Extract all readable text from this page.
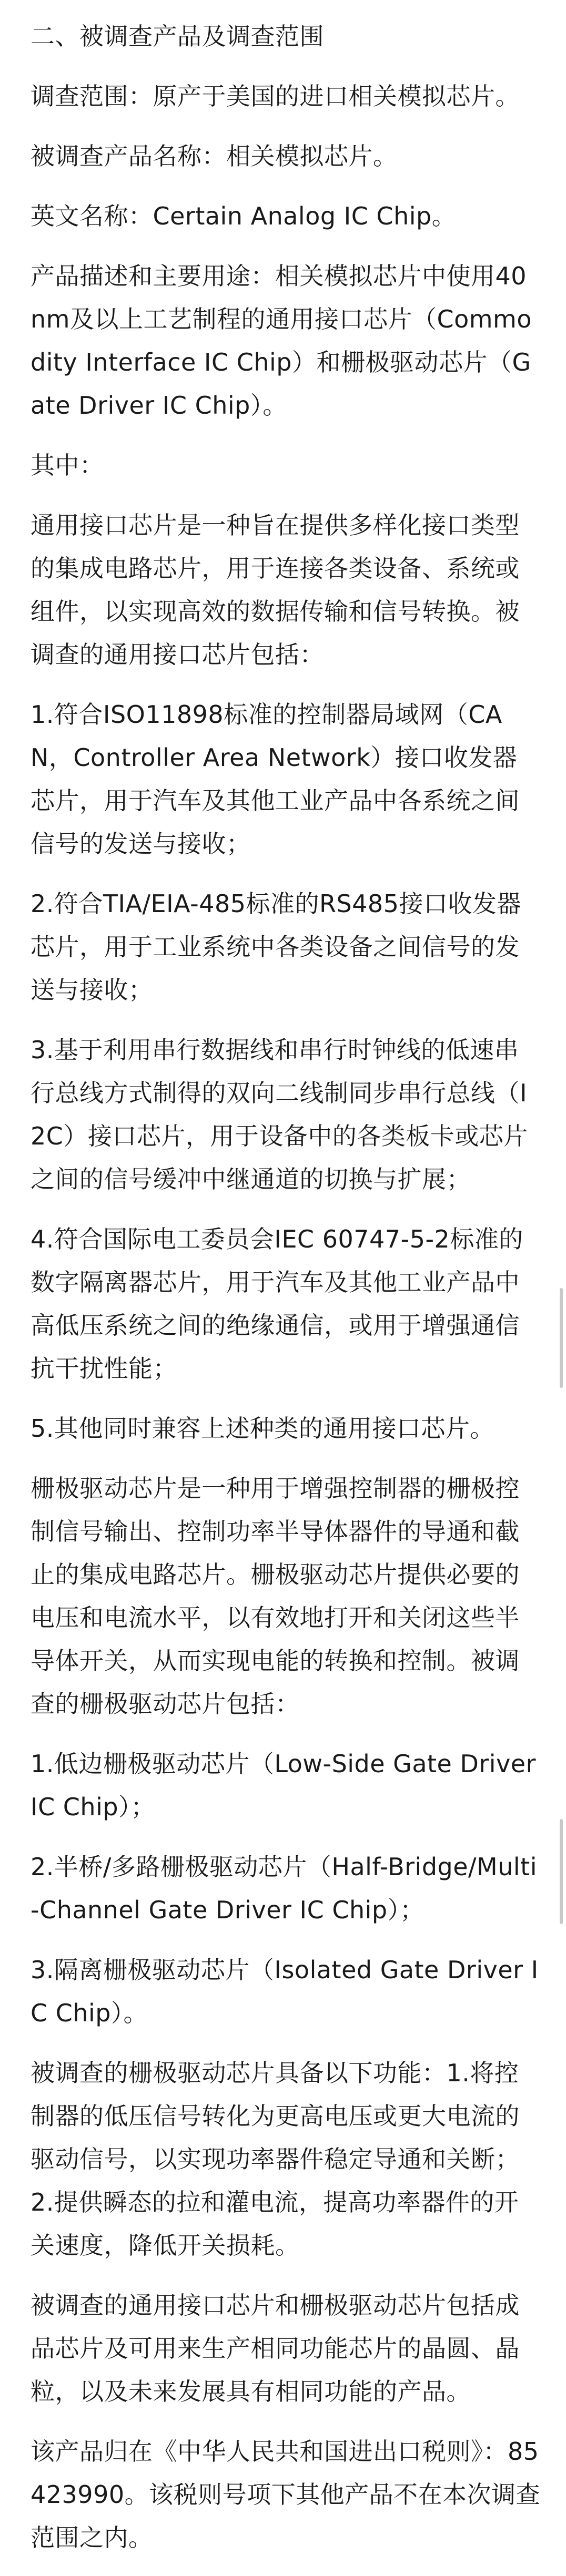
二、被调查产品及调查范围

调查范围：原产于美国的进口相关模拟芯片。

被调查产品名称：相关模拟芯片。

英文名称：Certain Analog IC Chip。

产品描述和主要用途：相关模拟芯片中使用40nm及以上工艺制程的通用接口芯片（Commodity Interface IC Chip）和栅极驱动芯片（Gate Driver IC Chip）。

其中：

通用接口芯片是一种旨在提供多样化接口类型的集成电路芯片，用于连接各类设备、系统或组件，以实现高效的数据传输和信号转换。被调查的通用接口芯片包括：

1.符合ISO11898标准的控制器局域网（CAN，Controller Area Network）接口收发器芯片，用于汽车及其他工业产品中各系统之间信号的发送与接收；

2.符合TIA/EIA-485标准的RS485接口收发器芯片，用于工业系统中各类设备之间信号的发送与接收；

3.基于利用串行数据线和串行时钟线的低速串行总线方式制得的双向二线制同步串行总线（I2C）接口芯片，用于设备中的各类板卡或芯片之间的信号缓冲中继通道的切换与扩展；

4.符合国际电工委员会IEC 60747-5-2标准的数字隔离器芯片，用于汽车及其他工业产品中高低压系统之间的绝缘通信，或用于增强通信抗干扰性能；

5.其他同时兼容上述种类的通用接口芯片。

栅极驱动芯片是一种用于增强控制器的栅极控制信号输出、控制功率半导体器件的导通和截止的集成电路芯片。栅极驱动芯片提供必要的电压和电流水平，以有效地打开和关闭这些半导体开关，从而实现电能的转换和控制。被调查的栅极驱动芯片包括：

1.低边栅极驱动芯片（Low-Side Gate Driver IC Chip）；

2.半桥/多路栅极驱动芯片（Half-Bridge/Multi-Channel Gate Driver IC Chip）；

3.隔离栅极驱动芯片（Isolated Gate Driver IC Chip）。

被调查的栅极驱动芯片具备以下功能：1.将控制器的低压信号转化为更高电压或更大电流的驱动信号，以实现功率器件稳定导通和关断；2.提供瞬态的拉和灌电流，提高功率器件的开关速度，降低开关损耗。

被调查的通用接口芯片和栅极驱动芯片包括成品芯片及可用来生产相同功能芯片的晶圆、晶粒，以及未来发展具有相同功能的产品。

该产品归在《中华人民共和国进出口税则》：85423990。该税则号项下其他产品不在本次调查范围之内。
